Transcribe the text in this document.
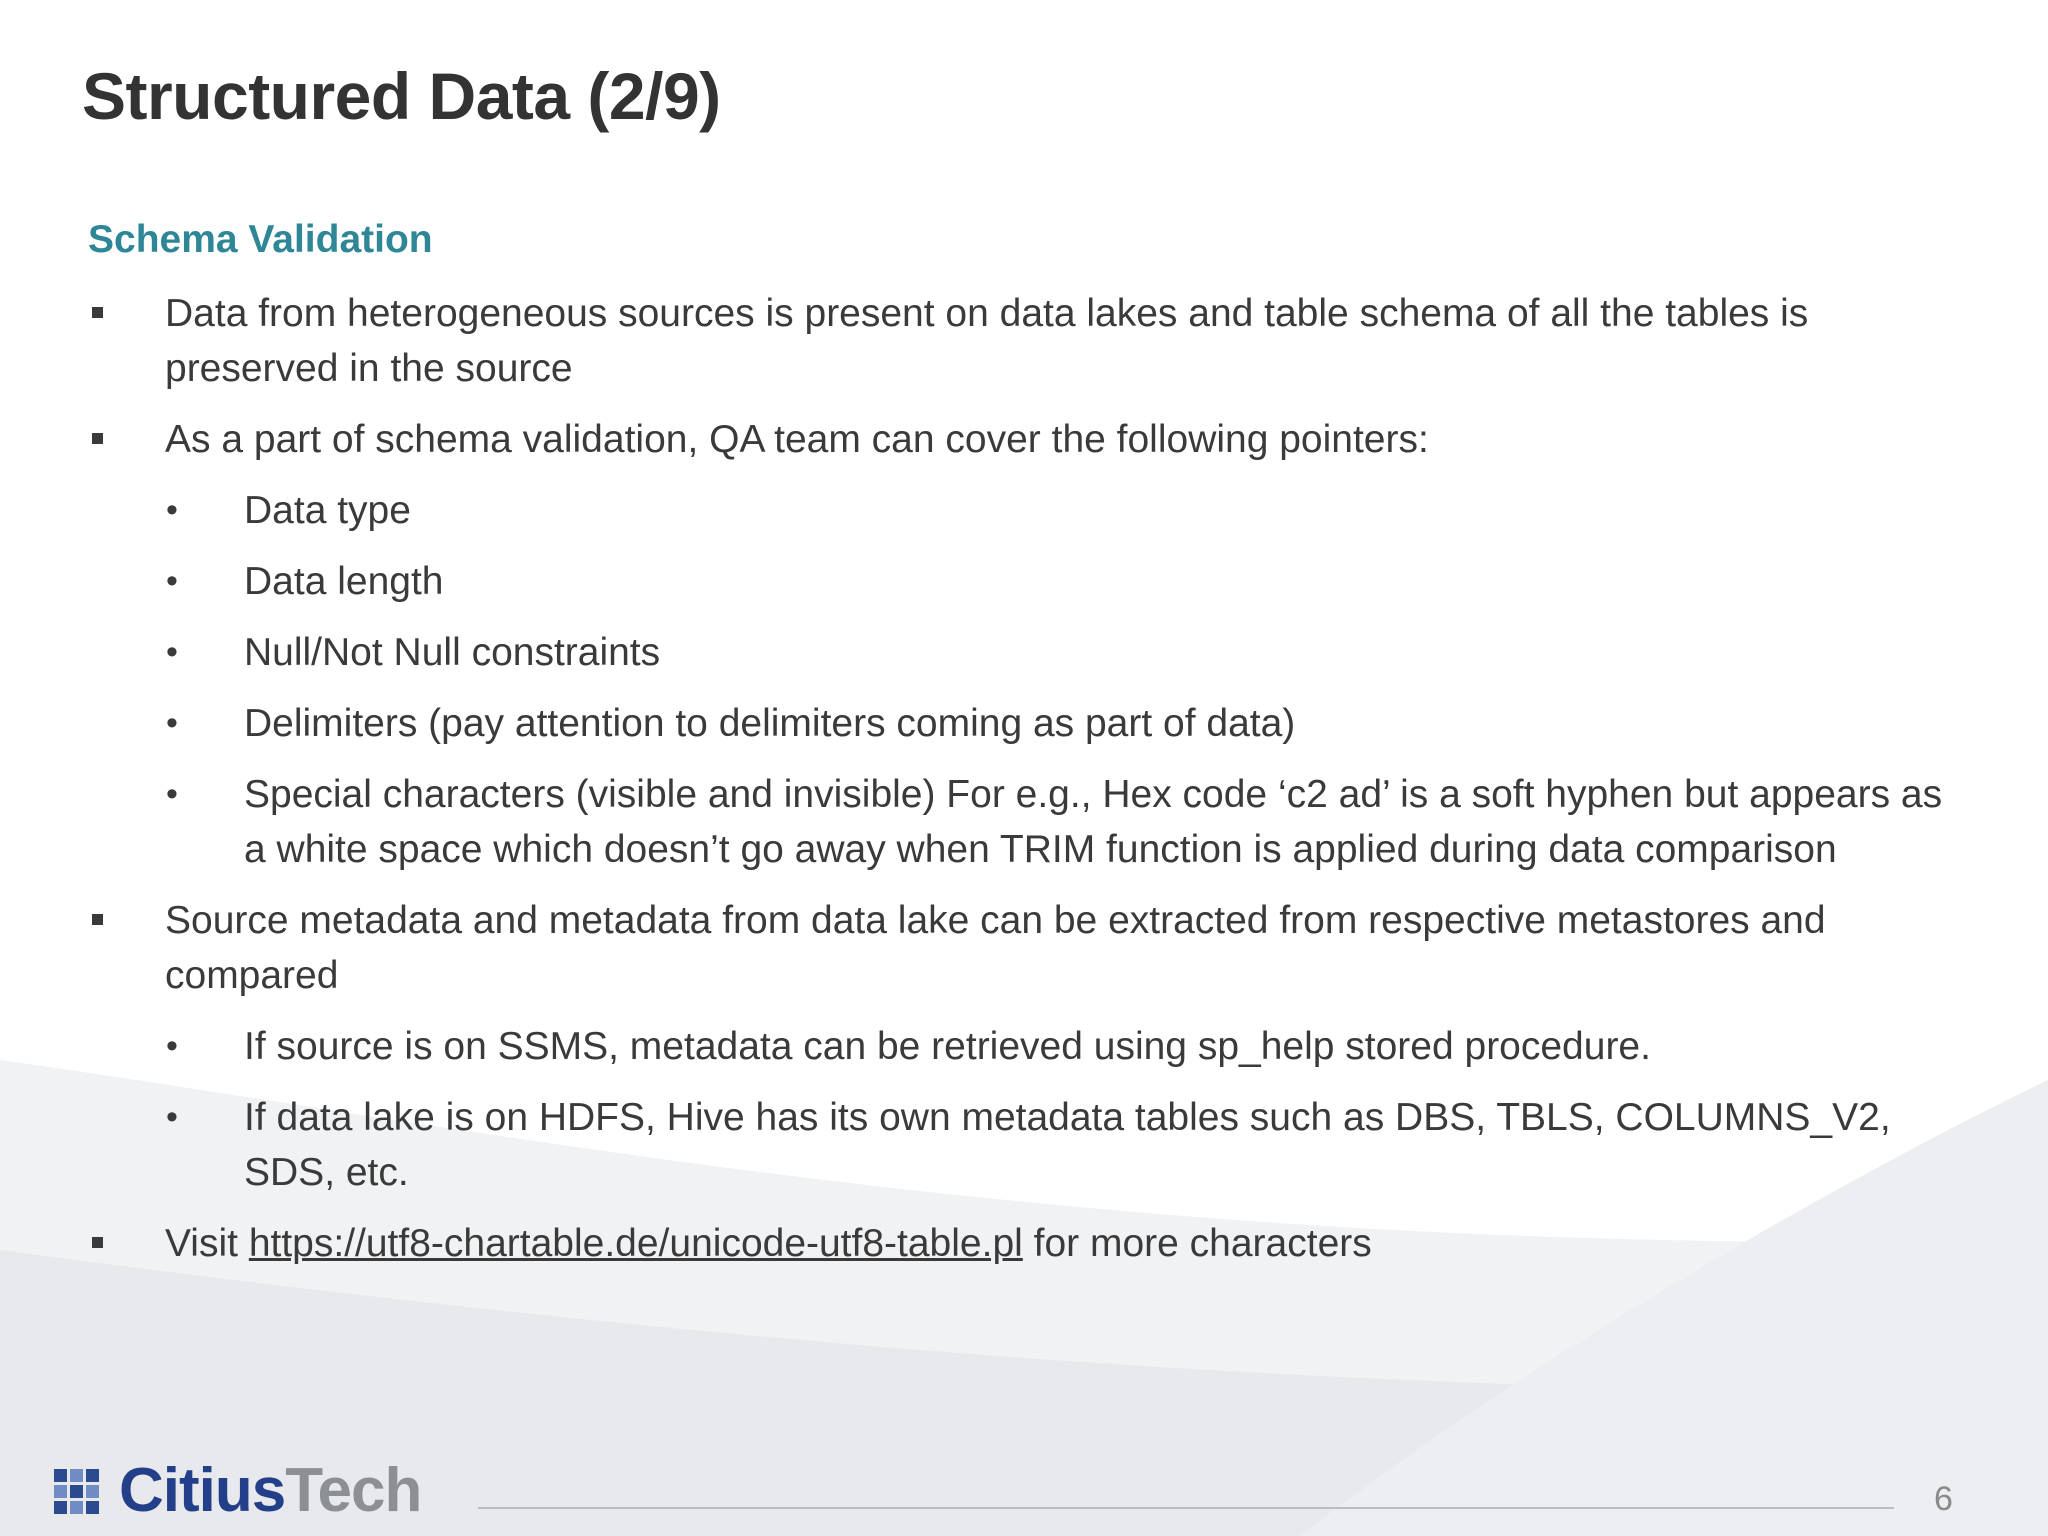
Structured Data (2/9)
Schema Validation
Data from heterogeneous sources is present on data lakes and table schema of all the tables is preserved in the source
As a part of schema validation, QA team can cover the following pointers:
• Data type
• Data length
• Null/Not Null constraints
• Delimiters (pay attention to delimiters coming as part of data)
• Special characters (visible and invisible) For e.g., Hex code ‘c2 ad’ is a soft hyphen but appears as a white space which doesn’t go away when TRIM function is applied during data comparison
Source metadata and metadata from data lake can be extracted from respective metastores and compared
• If source is on SSMS, metadata can be retrieved using sp_help stored procedure.
• If data lake is on HDFS, Hive has its own metadata tables such as DBS, TBLS, COLUMNS_V2, SDS, etc.
Visit https://utf8-chartable.de/unicode-utf8-table.pl for more characters
Citius Tech	6
